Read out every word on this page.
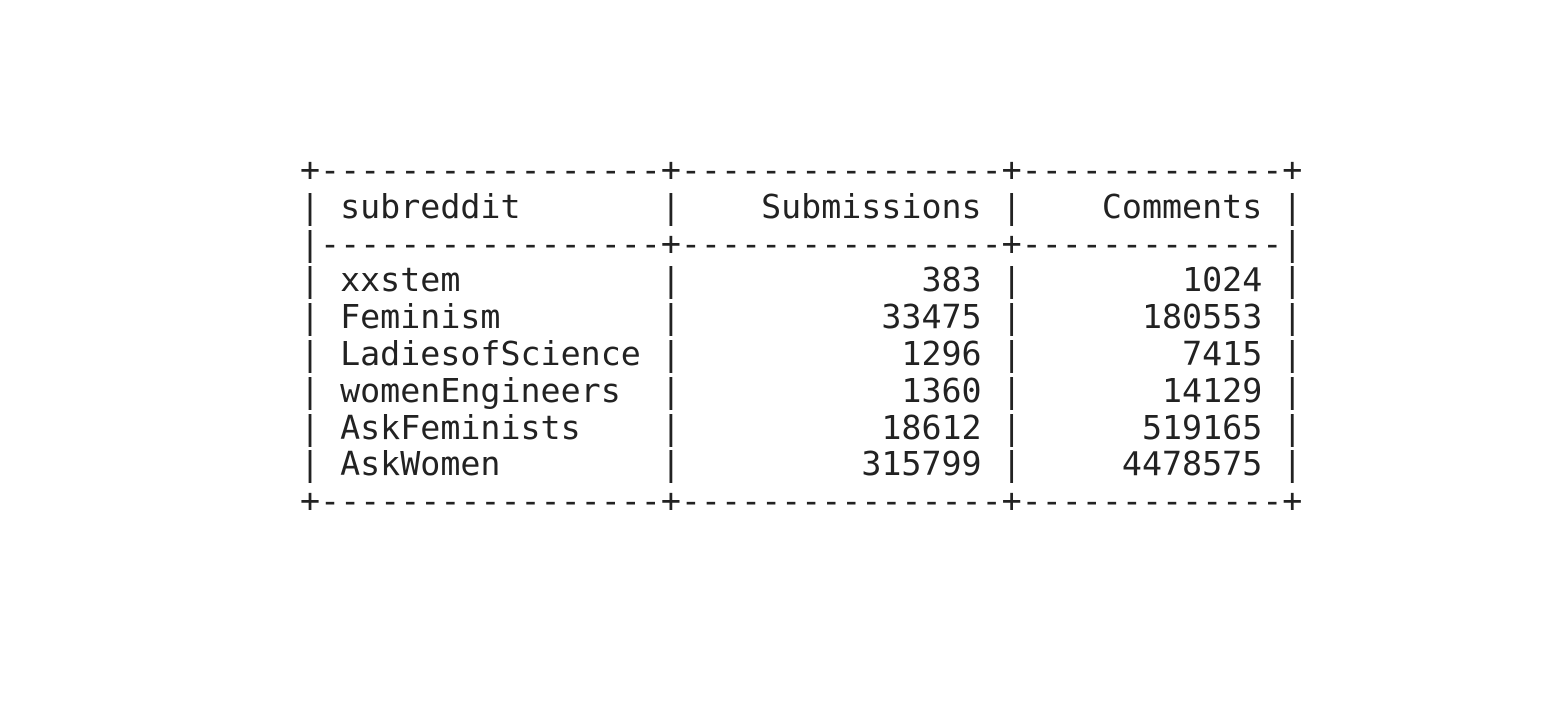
+-----------------+----------------+-------------+
| subreddit	| Submissions | Comments |
|-----------------+----------------+-------------|
| xxstem	|	383 |	1024 |
| Feminism	|	33475 |	180553 |
| LadiesofScience |	1296 |	7415 |
| womenEngineers |	1360 |	14129 |
| AskFeminists |	18612 |	519165 |
| AskWomen	|	315799 |	4478575 |
+-----------------+----------------+-------------+
